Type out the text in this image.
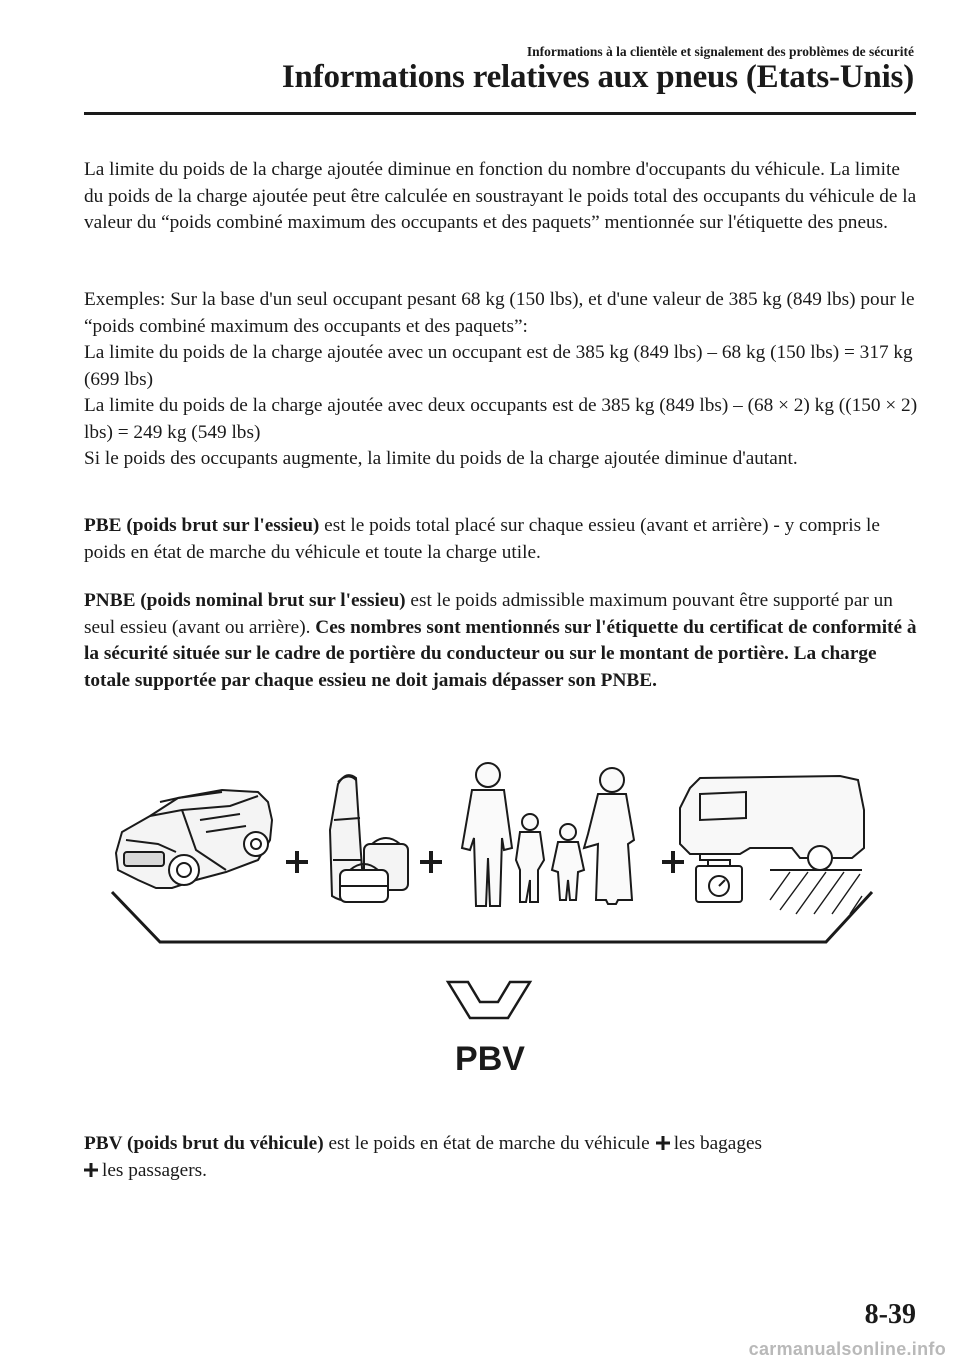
Informations à la clientèle et signalement des problèmes de sécurité
Informations relatives aux pneus (Etats-Unis)

La limite du poids de la charge ajoutée diminue en fonction du nombre d'occupants du véhicule. La limite du poids de la charge ajoutée peut être calculée en soustrayant le poids total des occupants du véhicule de la valeur du “poids combiné maximum des occupants et des paquets” mentionnée sur l'étiquette des pneus.

Exemples: Sur la base d'un seul occupant pesant 68 kg (150 lbs), et d'une valeur de 385 kg (849 lbs) pour le “poids combiné maximum des occupants et des paquets”:

La limite du poids de la charge ajoutée avec un occupant est de 385 kg (849 lbs) – 68 kg (150 lbs) = 317 kg (699 lbs)

La limite du poids de la charge ajoutée avec deux occupants est de 385 kg (849 lbs) – (68 × 2) kg ((150 × 2) lbs) = 249 kg (549 lbs)

Si le poids des occupants augmente, la limite du poids de la charge ajoutée diminue d'autant.

PBE (poids brut sur l'essieu) est le poids total placé sur chaque essieu (avant et arrière) - y compris le poids en état de marche du véhicule et toute la charge utile.

PNBE (poids nominal brut sur l'essieu) est le poids admissible maximum pouvant être supporté par un seul essieu (avant ou arrière). Ces nombres sont mentionnés sur l'étiquette du certificat de conformité à la sécurité située sur le cadre de portière du conducteur ou sur le montant de portière. La charge totale supportée par chaque essieu ne doit jamais dépasser son PNBE.

PBV

PBV (poids brut du véhicule) est le poids en état de marche du véhicule les bagages
les passagers.

8-39
carmanualsonline.info
